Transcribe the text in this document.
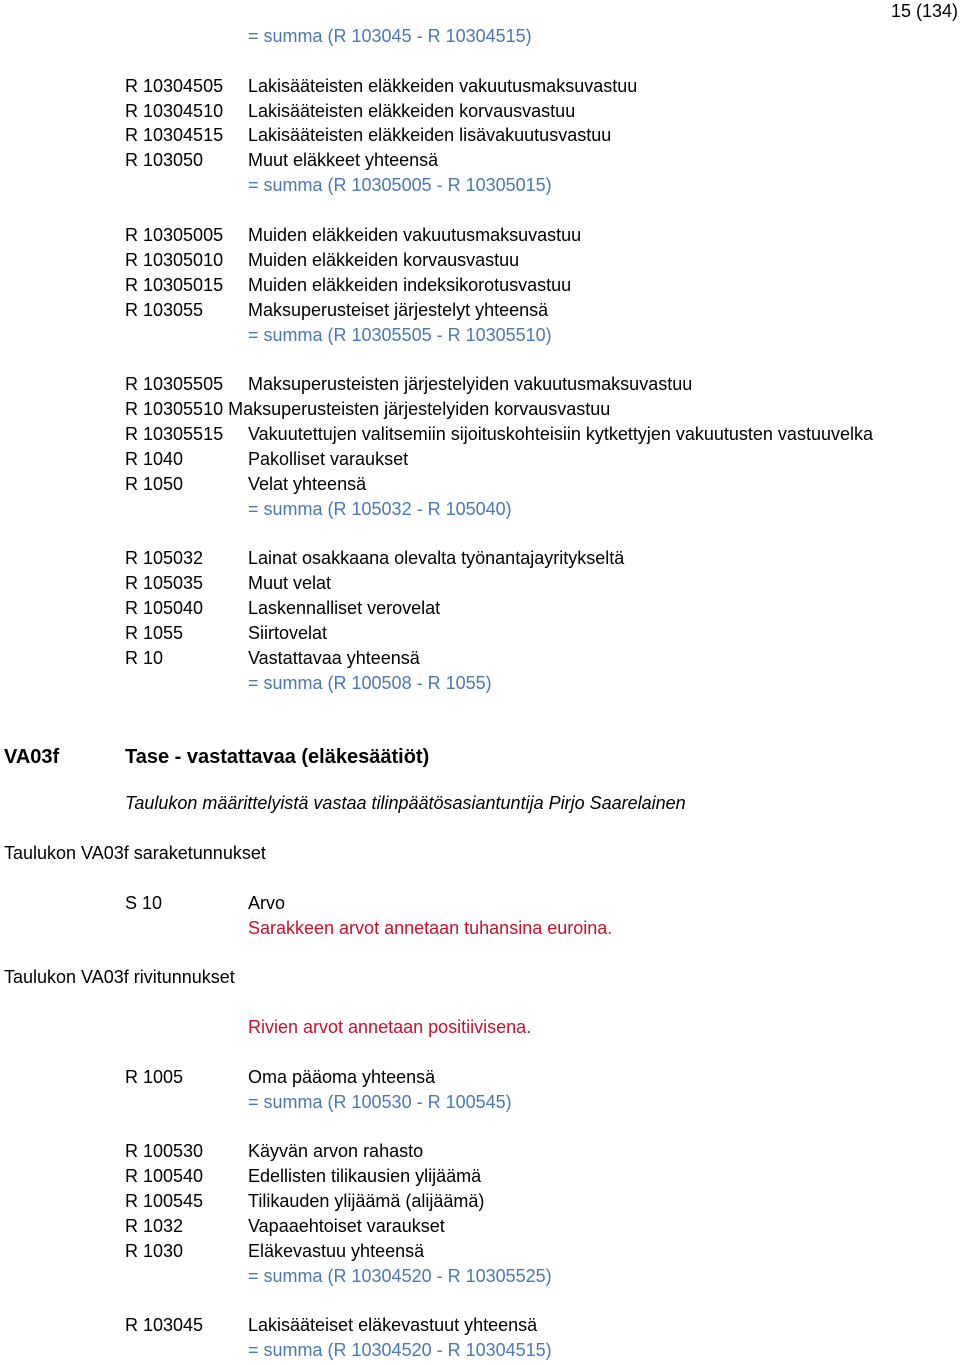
15 (134)
= summa (R 103045 - R 10304515)
R 10304505 Lakisääteisten eläkkeiden vakuutusmaksuvastuu
R 10304510 Lakisääteisten eläkkeiden korvausvastuu
R 10304515 Lakisääteisten eläkkeiden lisävakuutusvastuu
R 103050 Muut eläkkeet yhteensä
= summa (R 10305005 - R 10305015)
R 10305005 Muiden eläkkeiden vakuutusmaksuvastuu
R 10305010 Muiden eläkkeiden korvausvastuu
R 10305015 Muiden eläkkeiden indeksikorotusvastuu
R 103055 Maksuperusteiset järjestelyt yhteensä
= summa (R 10305505 - R 10305510)
R 10305505 Maksuperusteisten järjestelyiden vakuutusmaksuvastuu
R 10305510 Maksuperusteisten järjestelyiden korvausvastuu
R 10305515 Vakuutettujen valitsemiin sijoituskohteisiin kytkettyjen vakuutusten vastuuvelka
R 1040	Pakolliset varaukset
R 1050	Velat yhteensä
= summa (R 105032 - R 105040)
R 105032 Lainat osakkaana olevalta työnantajayritykseltä
R 105035 Muut velat
R 105040 Laskennalliset verovelat
R 1055	Siirtovelat
R 10	Vastattavaa yhteensä
= summa (R 100508 - R 1055)
VA03f	Tase - vastattavaa (eläkesäätiöt)
Taulukon määrittelyistä vastaa tilinpäätösasiantuntija Pirjo Saarelainen
Taulukon VA03f saraketunnukset
S 10	Arvo
Sarakkeen arvot annetaan tuhansina euroina.
Taulukon VA03f rivitunnukset
Rivien arvot annetaan positiivisena.
R 1005	Oma pääoma yhteensä
= summa (R 100530 - R 100545)
R 100530 Käyvän arvon rahasto
R 100540 Edellisten tilikausien ylijäämä
R 100545 Tilikauden ylijäämä (alijäämä)
R 1032	Vapaaehtoiset varaukset
R 1030	Eläkevastuu yhteensä
= summa (R 10304520 - R 10305525)
R 103045 Lakisääteiset eläkevastuut yhteensä
= summa (R 10304520 - R 10304515)
